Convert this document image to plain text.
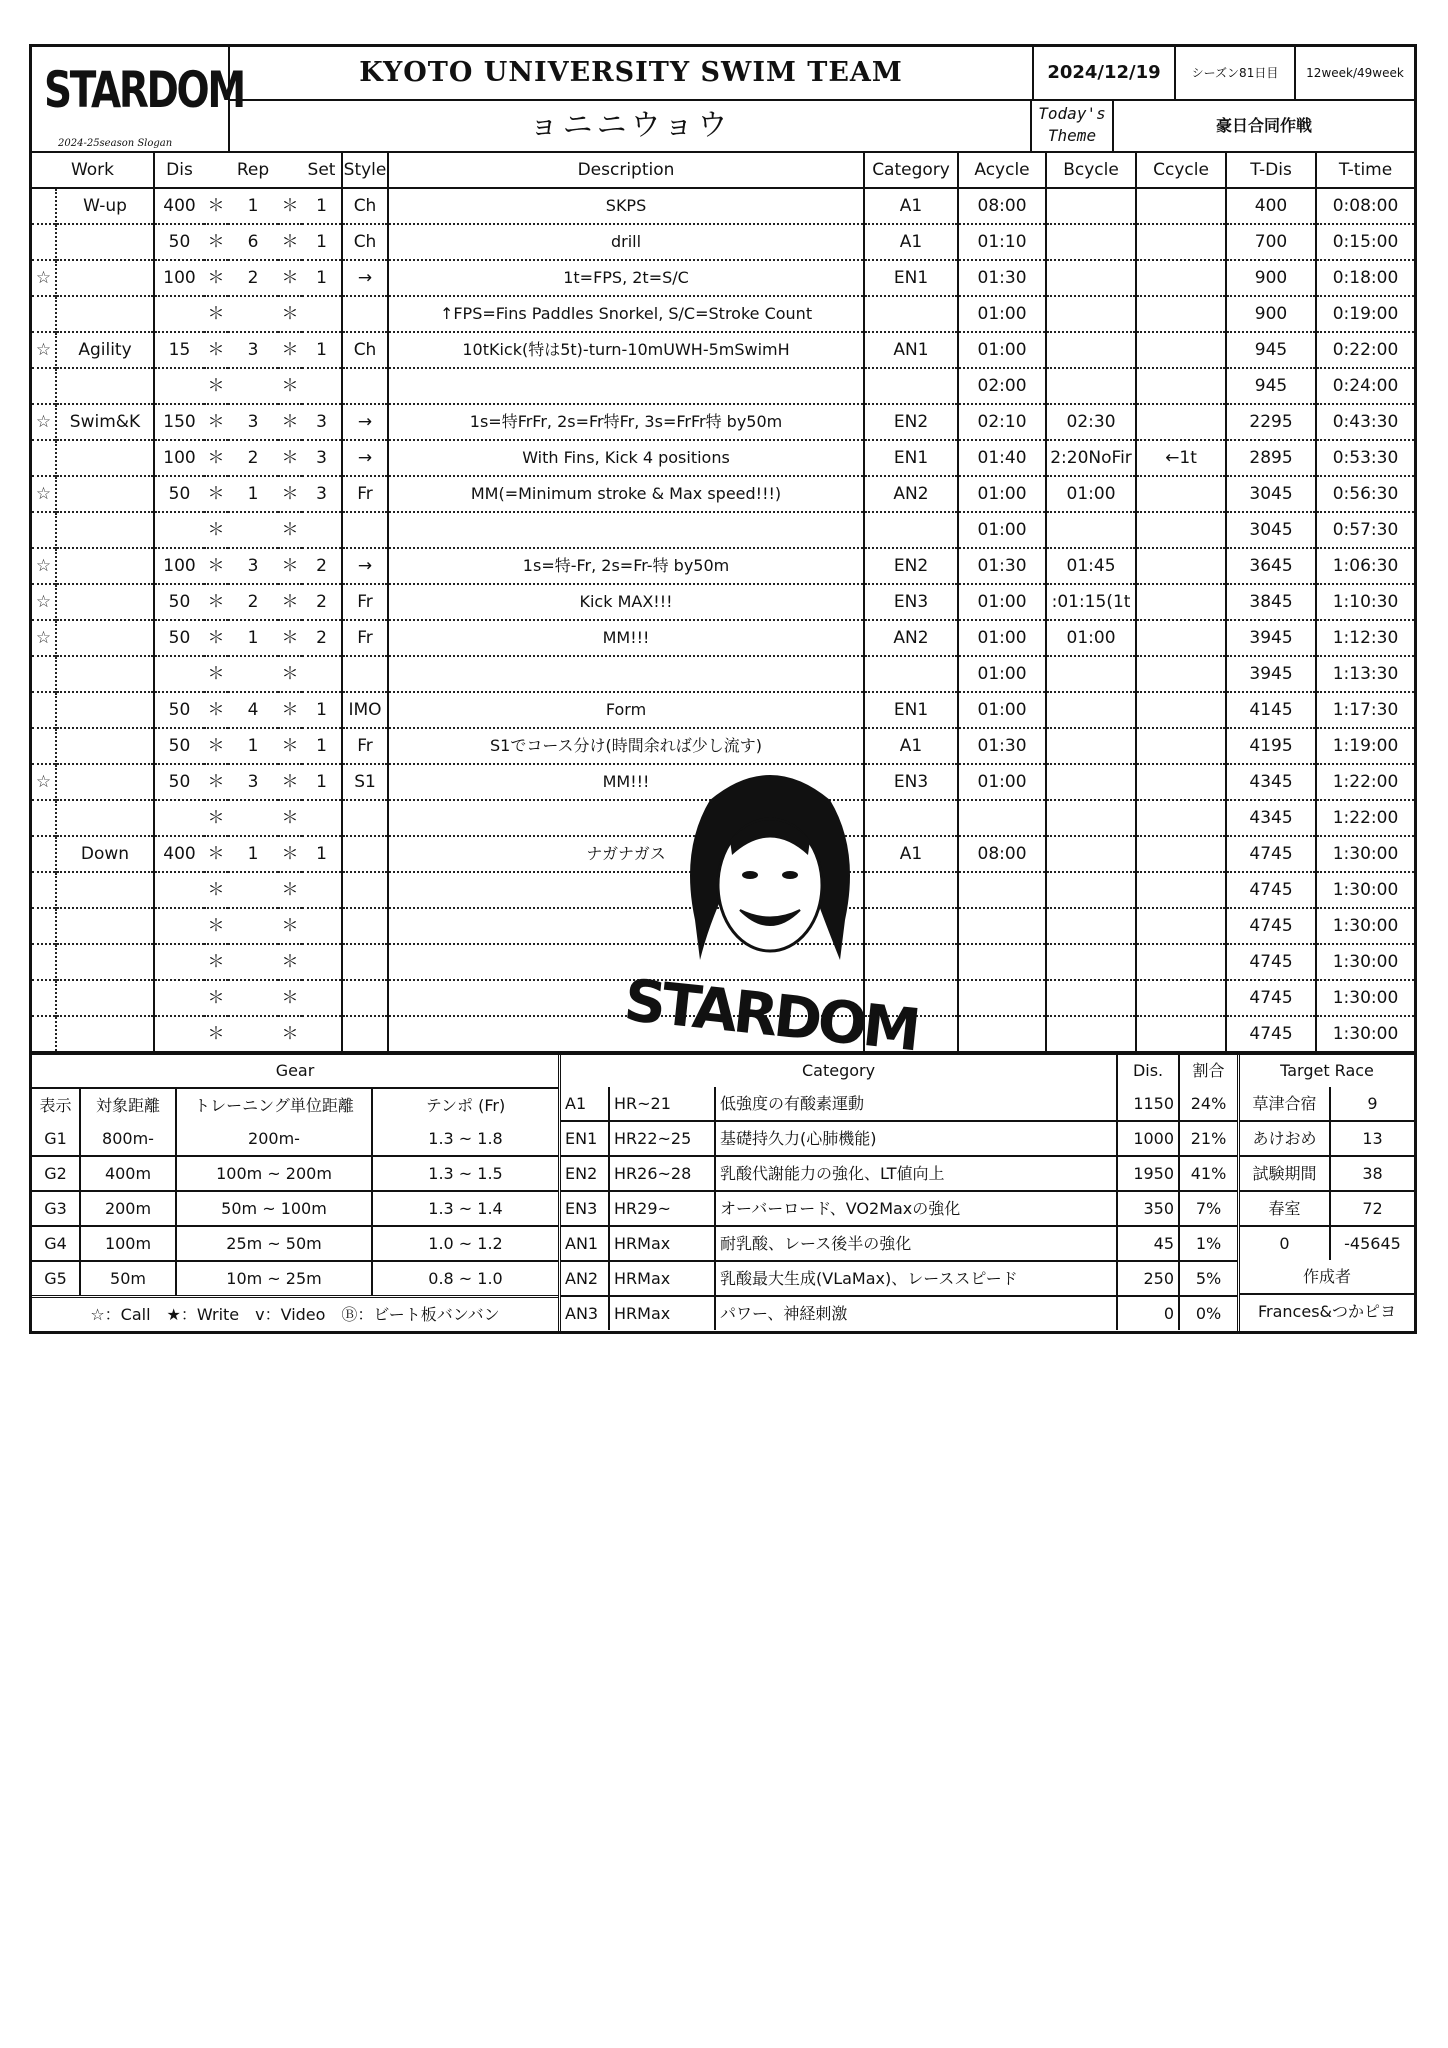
STARDOM
2024-25season Slogan
KYOTO UNIVERSITY SWIM TEAM	2024/12/19	シーズン81日目	12week/49week
ョニニウョウ	Today's Theme
豪日合同作戦
Work		Dis	Rep			Set	Style	Description	Category	Acycle	Bcycle	Ccycle	T-Dis	T-time
	W-up	400	＊	1	＊	1	Ch	SKPS	A1	08:00			400	0:08:00
		50	＊	6	＊	1	Ch	drill	A1	01:10			700	0:15:00
☆		100	＊	2	＊	1	→	1t=FPS, 2t=S/C	EN1	01:30			900	0:18:00
			＊		＊			↑FPS=Fins Paddles Snorkel, S/C=Stroke Count		01:00			900	0:19:00
☆	Agility	15	＊	3	＊	1	Ch	10tKick(特は5t)-turn-10mUWH-5mSwimH	AN1	01:00			945	0:22:00
			＊		＊					02:00			945	0:24:00
☆	Swim&K	150	＊	3	＊	3	→	1s=特FrFr, 2s=Fr特Fr, 3s=FrFr特 by50m	EN2	02:10	02:30		2295	0:43:30
		100	＊	2	＊	3	→	With Fins, Kick 4 positions	EN1	01:40	2:20NoFir	←1t	2895	0:53:30
☆		50	＊	1	＊	3	Fr	MM(=Minimum stroke & Max speed!!!)	AN2	01:00	01:00		3045	0:56:30
			＊		＊					01:00			3045	0:57:30
☆		100	＊	3	＊	2	→	1s=特-Fr, 2s=Fr-特 by50m	EN2	01:30	01:45		3645	1:06:30
☆		50	＊	2	＊	2	Fr	Kick MAX!!!	EN3	01:00	:01:15(1t		3845	1:10:30
☆		50	＊	1	＊	2	Fr	MM!!!	AN2	01:00	01:00		3945	1:12:30
			＊		＊					01:00			3945	1:13:30
		50	＊	4	＊	1	IMO	Form	EN1	01:00			4145	1:17:30
		50	＊	1	＊	1	Fr	S1でコース分け(時間余れば少し流す)	A1	01:30			4195	1:19:00
☆		50	＊	3	＊	1	S1	MM!!!	EN3	01:00			4345	1:22:00
			＊		＊								4345	1:22:00
	Down	400	＊	1	＊	1		ナガナガス	A1	08:00			4745	1:30:00
			＊		＊								4745	1:30:00
			＊		＊								4745	1:30:00
			＊		＊								4745	1:30:00
			＊		＊								4745	1:30:00
			＊		＊								4745	1:30:00
Gear			
表示	対象距離	トレーニング単位距離	テンポ (Fr)
G1	800m-	200m-	1.3 ~ 1.8
G2	400m	100m ~ 200m	1.3 ~ 1.5
G3	200m	50m ~ 100m	1.3 ~ 1.4
G4	100m	25m ~ 50m	1.0 ~ 1.2
G5	50m	10m ~ 25m	0.8 ~ 1.0
☆：Call　★：Write　v：Video　Ⓑ：ビート板バンバン			
Category			Dis.	割合
A1	HR~21	低強度の有酸素運動	1150	24%
EN1	HR22~25	基礎持久力(心肺機能)	1000	21%
EN2	HR26~28	乳酸代謝能力の強化、LT値向上	1950	41%
EN3	HR29~	オーバーロード、VO2Maxの強化	350	7%
AN1	HRMax	耐乳酸、レース後半の強化	45	1%
AN2	HRMax	乳酸最大生成(VLaMax)、レーススピード	250	5%
AN3	HRMax	パワー、神経刺激	0	0%
Target Race	
草津合宿	9
あけおめ	13
試験期間	38
春室	72
0	-45645
作成者	
Frances&つかピヨ	
STARDOM
